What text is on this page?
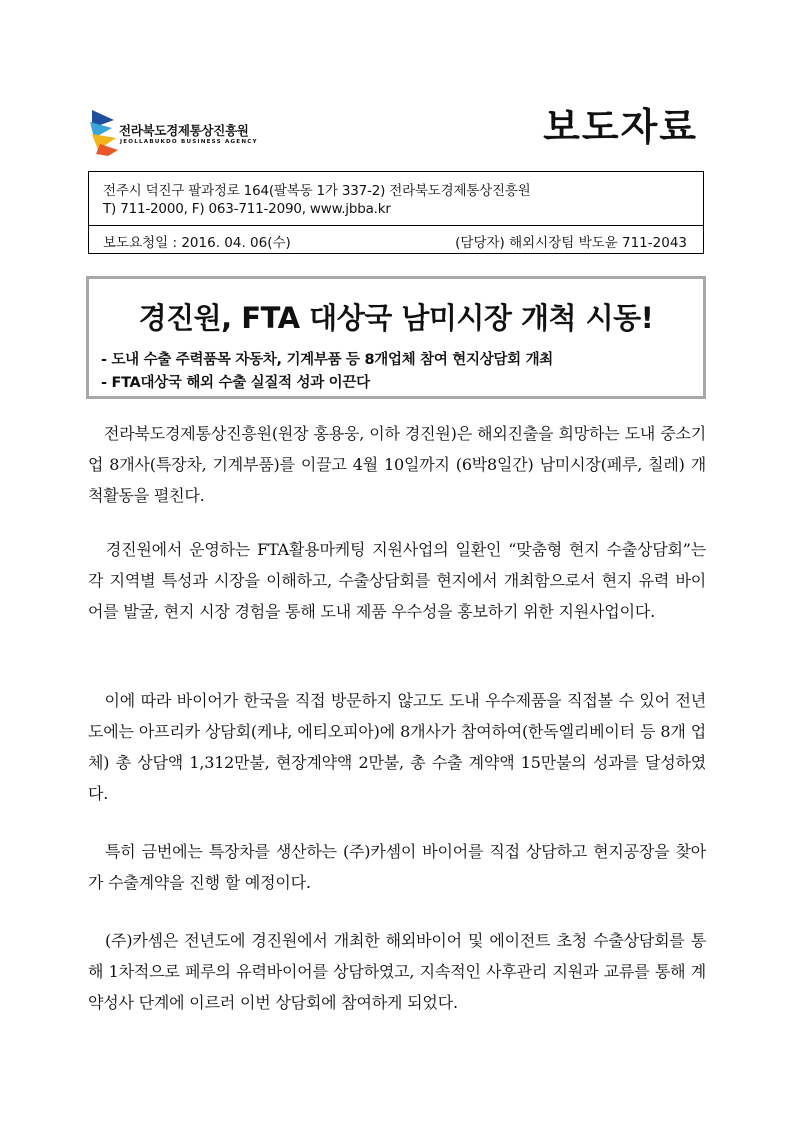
전라북도경제통상진흥원
JEOLLABUKDO BUSINESS AGENCY	보도자료
전주시 덕진구 팔과정로 164(팔복동 1가 337-2) 전라북도경제통상진흥원
T) 711-2000, F) 063-711-2090, www.jbba.kr
보도요청일 : 2016. 04. 06(수)	(담당자) 해외시장팀 박도윤 711-2043
경진원, FTA 대상국 남미시장 개척 시동!
- 도내 수출 주력품목 자동차, 기계부품 등 8개업체 참여 현지상담회 개최
- FTA대상국 해외 수출 실질적 성과 이끈다
　전라북도경제통상진흥원(원장 홍용웅, 이하 경진원)은 해외진출을 희망하는 도내 중소기업 8개사(특장차, 기계부품)를 이끌고 4월 10일까지 (6박8일간) 남미시장(페루, 칠레) 개척활동을 펼친다.
　경진원에서 운영하는 FTA활용마케팅 지원사업의 일환인 “맞춤형 현지 수출상담회”는 각 지역별 특성과 시장을 이해하고, 수출상담회를 현지에서 개최함으로서 현지 유력 바이어를 발굴, 현지 시장 경험을 통해 도내 제품 우수성을 홍보하기 위한 지원사업이다.
　이에 따라 바이어가 한국을 직접 방문하지 않고도 도내 우수제품을 직접볼 수 있어 전년도에는 아프리카 상담회(케냐, 에티오피아)에 8개사가 참여하여(한독엘리베이터 등 8개 업체) 총 상담액 1,312만불, 현장계약액 2만불, 총 수출 계약액 15만불의 성과를 달성하였다.
　특히 금번에는 특장차를 생산하는 (주)카셈이 바이어를 직접 상담하고 현지공장을 찾아가 수출계약을 진행 할 예정이다.
　(주)카셈은 전년도에 경진원에서 개최한 해외바이어 및 에이전트 초청 수출상담회를 통해 1차적으로 페루의 유력바이어를 상담하였고, 지속적인 사후관리 지원과 교류를 통해 계약성사 단계에 이르러 이번 상담회에 참여하게 되었다.
